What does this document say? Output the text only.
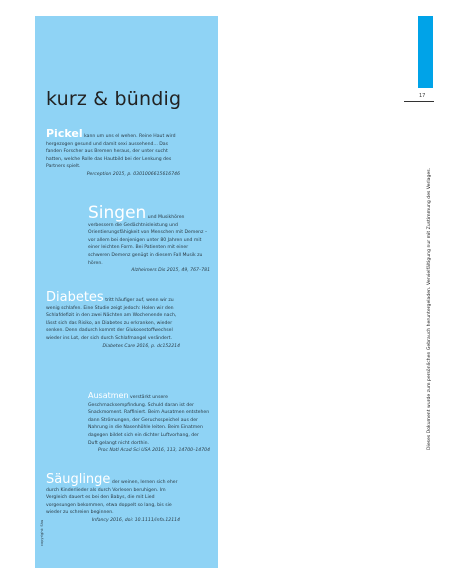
17
kurz & bündig
Pickel kann um uns el wehen. Reine Haut wird hergezogen gesund und damit sexi aussehend... Das fanden Forscher aus Bremen heraus, der unter sucht hatten, welche Rolle das Hautbild bei der Lenkung des Partners spielt.
Perception 2015, p. 0301006615616746
Singen und Musikhören verbessern die Gedächtnisleistung und Orientierungsfähigkeit von Menschen mit Demenz – vor allem bei denjenigen unter 80 Jahren und mit einer leichten Form. Bei Patienten mit einer schweren Demenz genügt in diesem Fall Musik zu hören.
Alzheimers Dis 2015, 49, 767–781
Diabetes tritt häufiger auf, wenn wir zu wenig schlafen. Eine Studie zeigt jedoch: Holen wir den Schlafdefizit in den zwei Nächten am Wochenende nach, lässt sich das Risiko, an Diabetes zu erkranken, wieder senken. Denn dadurch kommt der Glukosestoffwechsel wieder ins Lot, der sich durch Schlafmangel verändert.
Diabetes Care 2016, p. dc152214
Ausatmen verstärkt unsere Geschmacksempfindung. Schuld daran ist der Snackmoment. Raffiniert. Beim Ausatmen entstehen dann Strömungen, der Geruchsspeichel aus der Nahrung in die Nasenhöhle leiten. Beim Einatmen dagegen bildet sich ein dichter Luftvorhang, der Duft gelangt nicht dorthin.
Proc Natl Acad Sci USA 2016, 113, 14700–14704
Säuglinge der weinen, lernen sich eher durch Kinderlieder als durch Vorlesen beruhigen. Im Vergleich dauert es bei den Babys, die mit Lied vorgesungen bekommen, etwa doppelt so lang, bis sie wieder zu schreien beginnen.
Infancy 2016, doi: 10.1111/infa.12114
copyright: Shu
Dieses Dokument wurde zum persönlichen Gebrauch heruntergeladen. Vervielfältigung nur mit Zustimmung des Verlages.
